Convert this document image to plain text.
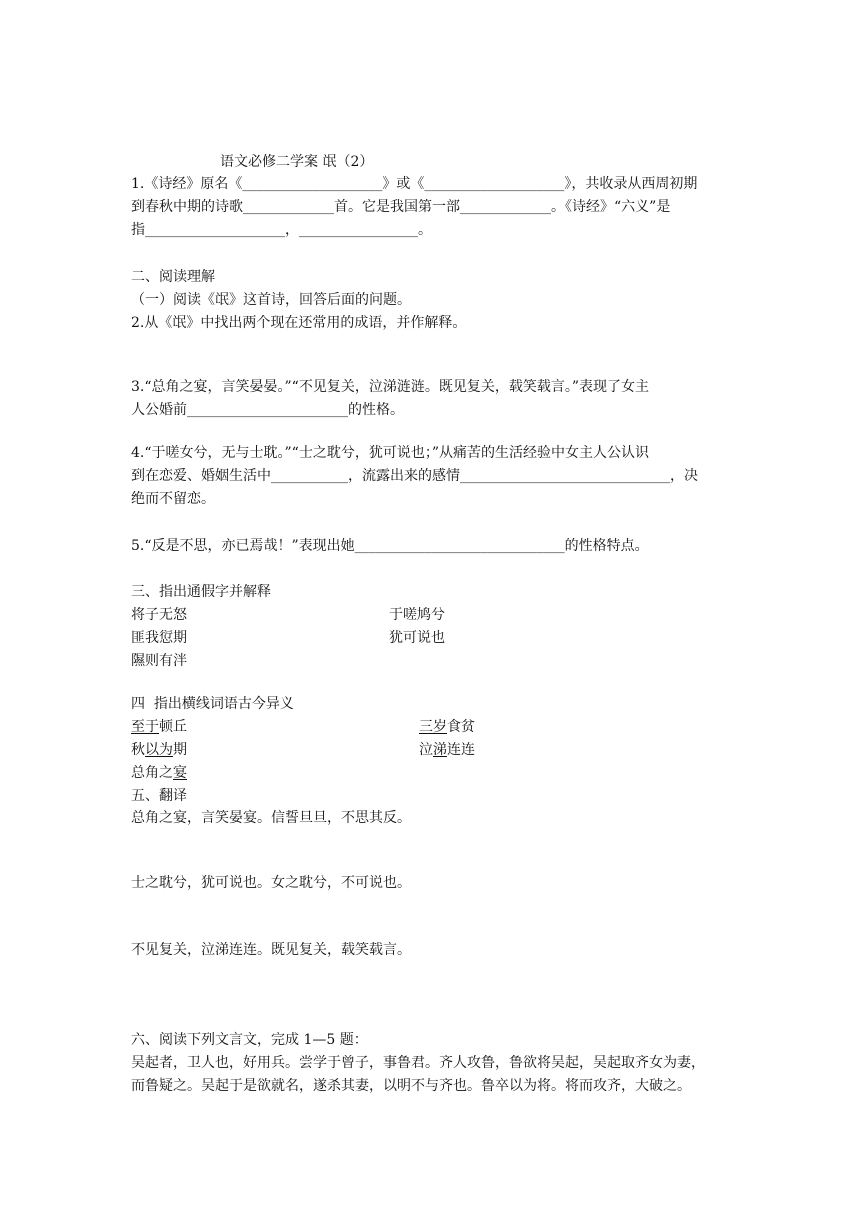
语文必修二学案 氓（2）
1.《诗经》原名《____________________》或《____________________》，共收录从西周初期
到春秋中期的诗歌_____________首。它是我国第一部_____________。《诗经》“六义”是
指____________________，_________________。
二、阅读理解
（一）阅读《氓》这首诗，回答后面的问题。
2.从《氓》中找出两个现在还常用的成语，并作解释。
3.“总角之宴，言笑晏晏。”“不见复关，泣涕涟涟。既见复关，载笑载言。”表现了女主
人公婚前_______________________的性格。
4.“于嗟女兮，无与士耽。”“士之耽兮，犹可说也；”从痛苦的生活经验中女主人公认识
到在恋爱、婚姻生活中___________，流露出来的感情______________________________，决
绝而不留恋。
5.“反是不思，亦已焉哉！”表现出她______________________________的性格特点。
三、指出通假字并解释
将子无怒	于嗟鸠兮
匪我愆期	犹可说也
隰则有泮
四  指出横线词语古今异义
至于顿丘	三岁食贫
秋以为期	泣涕连连
总角之宴
五、翻译
总角之宴，言笑晏宴。信誓旦旦，不思其反。
士之耽兮，犹可说也。女之耽兮，不可说也。
不见复关，泣涕连连。既见复关，载笑载言。
六、阅读下列文言文，完成 1—5 题：
吴起者，卫人也，好用兵。尝学于曾子，事鲁君。齐人攻鲁，鲁欲将吴起，吴起取齐女为妻，
而鲁疑之。吴起于是欲就名，遂杀其妻，以明不与齐也。鲁卒以为将。将而攻齐，大破之。
